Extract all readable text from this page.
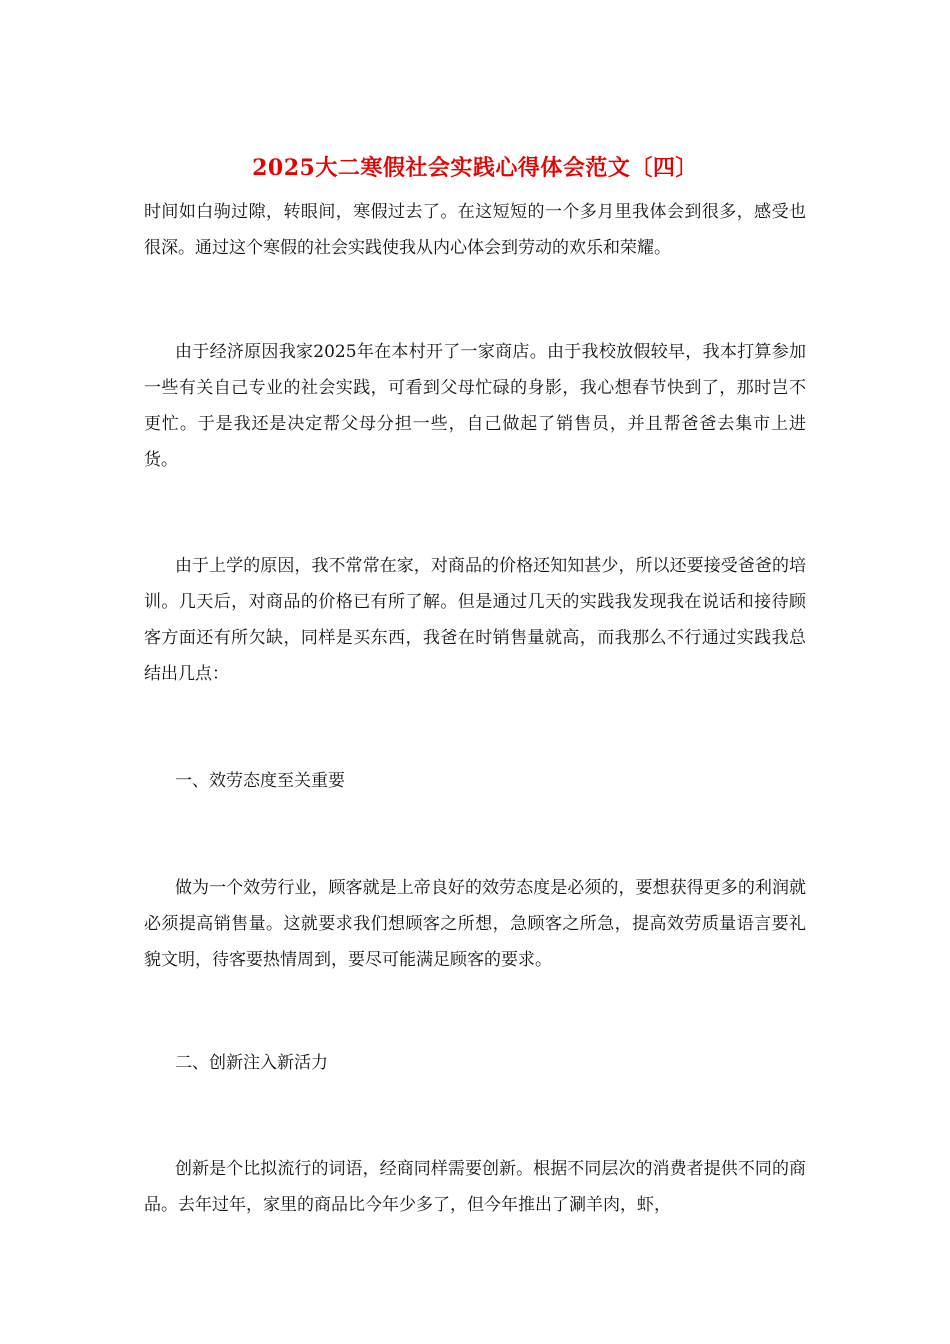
2025大二寒假社会实践心得体会范文〔四〕

时间如白驹过隙，转眼间，寒假过去了。在这短短的一个多月里我体会到很多，感受也很深。通过这个寒假的社会实践使我从内心体会到劳动的欢乐和荣耀。

由于经济原因我家2025年在本村开了一家商店。由于我校放假较早，我本打算参加一些有关自己专业的社会实践，可看到父母忙碌的身影，我心想春节快到了，那时岂不更忙。于是我还是决定帮父母分担一些，自己做起了销售员，并且帮爸爸去集市上进货。

由于上学的原因，我不常常在家，对商品的价格还知知甚少，所以还要接受爸爸的培训。几天后，对商品的价格已有所了解。但是通过几天的实践我发现我在说话和接待顾客方面还有所欠缺，同样是买东西，我爸在时销售量就高，而我那么不行通过实践我总结出几点：

一、效劳态度至关重要

做为一个效劳行业，顾客就是上帝良好的效劳态度是必须的，要想获得更多的利润就必须提高销售量。这就要求我们想顾客之所想，急顾客之所急，提高效劳质量语言要礼貌文明，待客要热情周到，要尽可能满足顾客的要求。

二、创新注入新活力

创新是个比拟流行的词语，经商同样需要创新。根据不同层次的消费者提供不同的商品。去年过年，家里的商品比今年少多了，但今年推出了涮羊肉，虾，
